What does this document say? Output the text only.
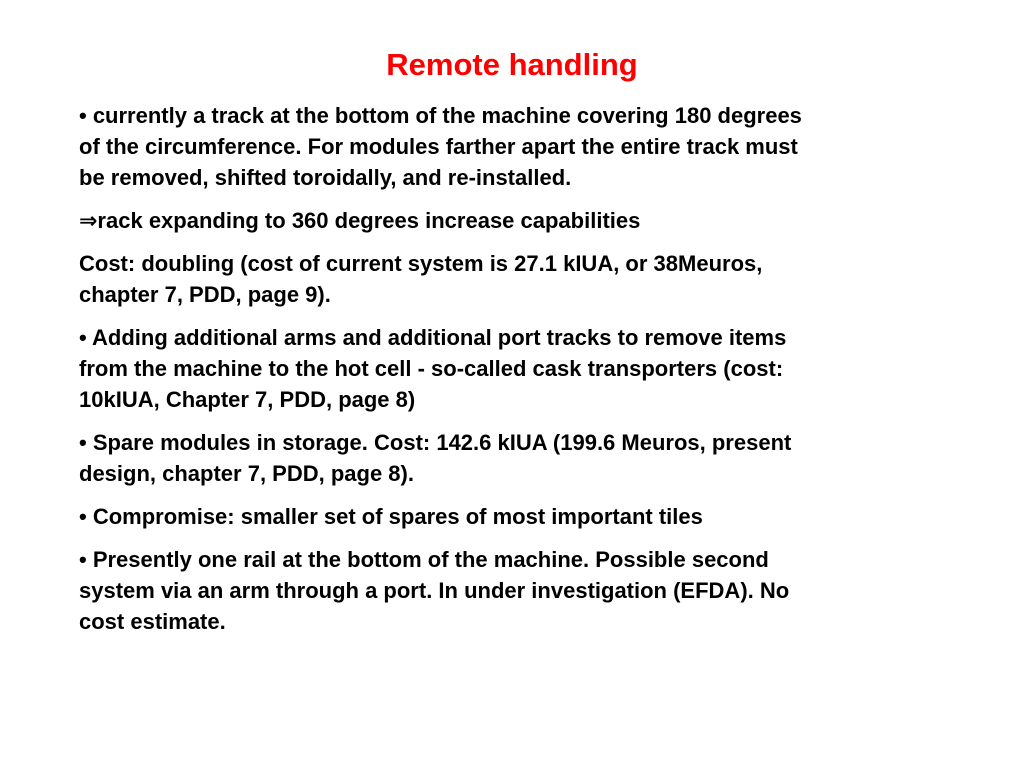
Remote handling

• currently a track at the bottom of the machine covering 180 degrees
of the circumference. For modules farther apart the entire track must
be removed, shifted toroidally, and re-installed.

⇒rack expanding to 360 degrees increase capabilities

Cost: doubling (cost of current system is 27.1 kIUA, or 38Meuros,
chapter 7, PDD, page 9).

• Adding additional arms and additional port tracks to remove items
from the machine to the hot cell - so-called cask transporters (cost:
10kIUA, Chapter 7, PDD, page 8)

• Spare modules in storage. Cost: 142.6 kIUA (199.6 Meuros, present
design, chapter 7, PDD, page 8).

• Compromise: smaller set of spares of most important tiles

• Presently one rail at the bottom of the machine. Possible second
system via an arm through a port. In under investigation (EFDA). No
cost estimate.
